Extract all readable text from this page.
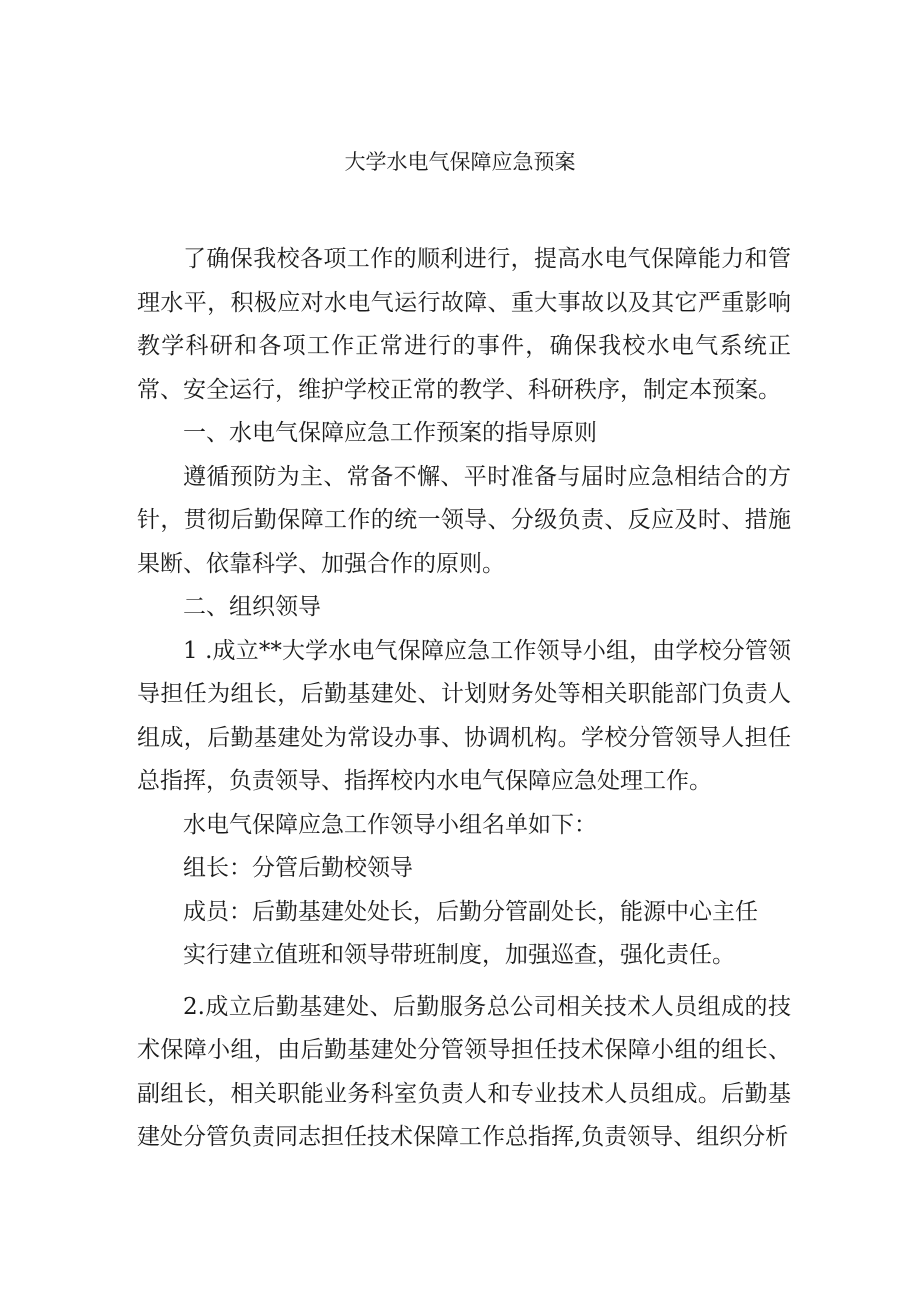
大学水电气保障应急预案

了确保我校各项工作的顺利进行，提高水电气保障能力和管理水平，积极应对水电气运行故障、重大事故以及其它严重影响教学科研和各项工作正常进行的事件，确保我校水电气系统正常、安全运行，维护学校正常的教学、科研秩序，制定本预案。

一、水电气保障应急工作预案的指导原则

遵循预防为主、常备不懈、平时准备与届时应急相结合的方针，贯彻后勤保障工作的统一领导、分级负责、反应及时、措施果断、依靠科学、加强合作的原则。

二、组织领导

1 .成立**大学水电气保障应急工作领导小组，由学校分管领导担任为组长，后勤基建处、计划财务处等相关职能部门负责人组成，后勤基建处为常设办事、协调机构。学校分管领导人担任总指挥，负责领导、指挥校内水电气保障应急处理工作。

水电气保障应急工作领导小组名单如下：

组长：分管后勤校领导

成员：后勤基建处处长，后勤分管副处长，能源中心主任

实行建立值班和领导带班制度，加强巡查，强化责任。

2.成立后勤基建处、后勤服务总公司相关技术人员组成的技术保障小组，由后勤基建处分管领导担任技术保障小组的组长、副组长，相关职能业务科室负责人和专业技术人员组成。后勤基建处分管负责同志担任技术保障工作总指挥,负责领导、组织分析
